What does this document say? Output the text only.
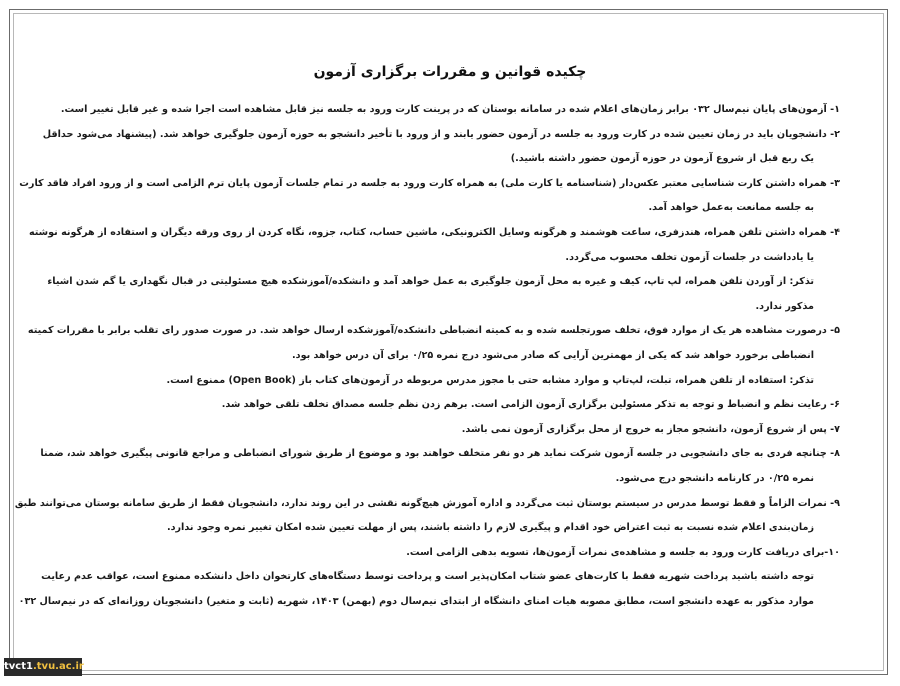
چکیده قوانین و مقررات برگزاری آزمون
۱- آزمون‌های پایان نیم‌سال ۰۳۲ برابر زمان‌های اعلام شده در سامانه بوستان که در پرینت کارت ورود به جلسه نیز قابل مشاهده است اجرا شده و غیر قابل تغییر است.
۲- دانشجویان باید در زمان تعیین شده در کارت ورود به جلسه در آزمون حضور یابند و از ورود با تأخیر دانشجو به حوزه آزمون جلوگیری خواهد شد. (پیشنهاد می‌شود حداقل
یک ربع قبل از شروع آزمون در حوزه آزمون حضور داشته باشید.)
۳- همراه داشتن کارت شناسایی معتبر عکس‌دار (شناسنامه یا کارت ملی) به همراه کارت ورود به جلسه در تمام جلسات آزمون پایان ترم الزامی است و از ورود افراد فاقد کارت
به جلسه ممانعت به‌عمل خواهد آمد.
۴- همراه داشتن تلفن همراه، هندزفری، ساعت هوشمند و هرگونه وسایل الکترونیکی، ماشین حساب، کتاب، جزوه، نگاه کردن از روی ورقه دیگران و استفاده از هرگونه نوشته
یا یادداشت در جلسات آزمون تخلف محسوب می‌گردد.
تذکر: از آوردن تلفن همراه، لپ تاپ، کیف و غیره به محل آزمون جلوگیری به عمل خواهد آمد و دانشکده/آموزشکده هیچ مسئولیتی در قبال نگهداری یا گم شدن اشیاء
مذکور ندارد.
۵- درصورت مشاهده هر یک از موارد فوق، تخلف صورتجلسه شده و به کمیته انضباطی دانشکده/آموزشکده ارسال خواهد شد. در صورت صدور رای تقلب برابر با مقررات کمیته
انضباطی برخورد خواهد شد که یکی از مهمترین آرایی که صادر می‌شود درج نمره ۰/۲۵ برای آن درس خواهد بود.
تذکر: استفاده از تلفن همراه، تبلت، لپ‌تاپ و موارد مشابه حتی با مجوز مدرس مربوطه در آزمون‌های کتاب باز (Open Book) ممنوع است.
۶- رعایت نظم و انضباط و توجه به تذکر مسئولین برگزاری آزمون الزامی است. برهم زدن نظم جلسه مصداق تخلف تلقی خواهد شد.
۷- پس از شروع آزمون، دانشجو مجاز به خروج از محل برگزاری آزمون نمی باشد.
۸- چنانچه فردی به جای دانشجویی در جلسه آزمون شرکت نماید هر دو نفر متخلف خواهند بود و موضوع از طریق شورای انضباطی و مراجع قانونی پیگیری خواهد شد، ضمنا
نمره ۰/۲۵ در کارنامه دانشجو درج می‌شود.
۹- نمرات الزاماً و فقط توسط مدرس در سیستم بوستان ثبت می‌گردد و اداره آموزش هیچ‌گونه نقشی در این روند ندارد، دانشجویان فقط از طریق سامانه بوستان می‌توانند طبق
زمان‌بندی اعلام شده نسبت به ثبت اعتراض خود اقدام و پیگیری لازم را داشته باشند، پس از مهلت تعیین شده امکان تغییر نمره وجود ندارد.
۱۰-برای دریافت کارت ورود به جلسه و مشاهده‌ی نمرات آزمون‌ها، تسویه بدهی الزامی است.
توجه داشته باشید پرداخت شهریه فقط با کارت‌های عضو شتاب امکان‌پذیر است و پرداخت توسط دستگاه‌های کارتخوان داخل دانشکده ممنوع است، عواقب عدم رعایت
موارد مذکور به عهده دانشجو است، مطابق مصوبه هیات امنای دانشگاه از ابتدای نیم‌سال دوم (بهمن) ۱۴۰۳، شهریه (ثابت و متغیر) دانشجویان روزانه‌ای که در نیم‌سال ۰۳۲
tvct1.tvu.ac.ir
